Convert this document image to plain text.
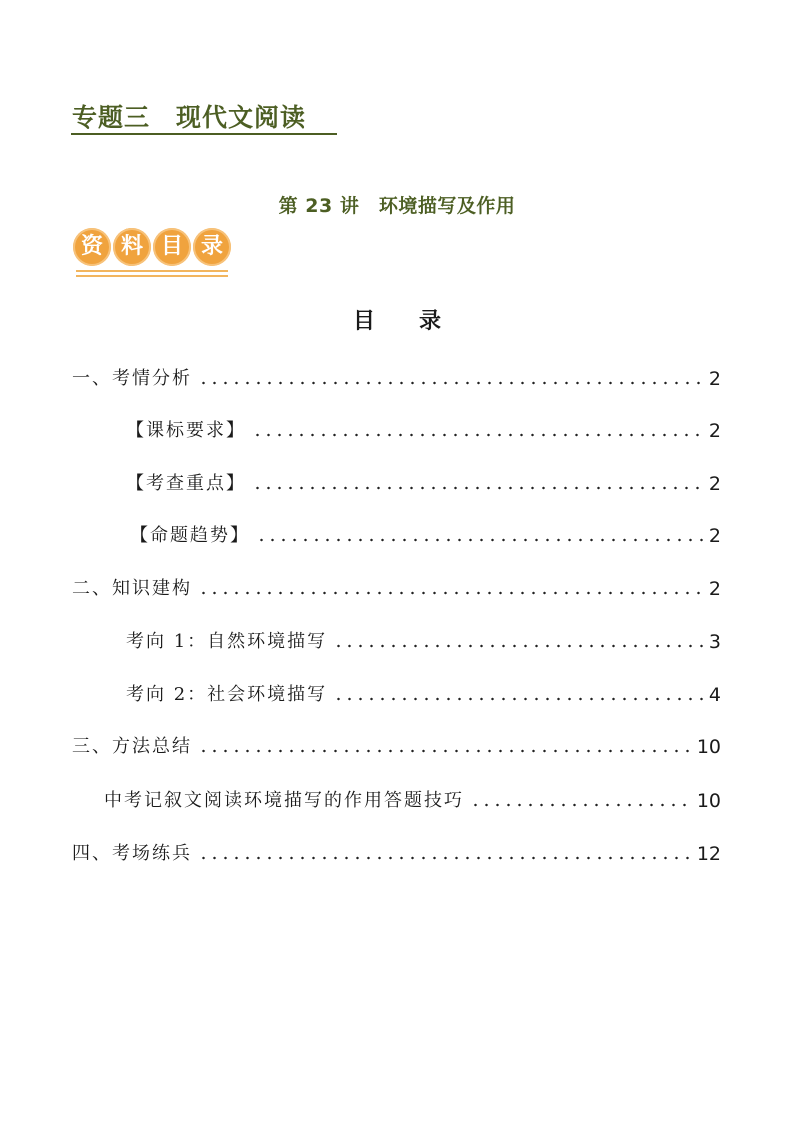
专题三　现代文阅读
第 23 讲　环境描写及作用
资 料 目 录
目　　录
一、考情分析	2
【课标要求】	2
【考查重点】	2
【命题趋势】	2
二、知识建构	2
考向 1：自然环境描写	3
考向 2：社会环境描写	4
三、方法总结	10
中考记叙文阅读环境描写的作用答题技巧	10
四、考场练兵	12
